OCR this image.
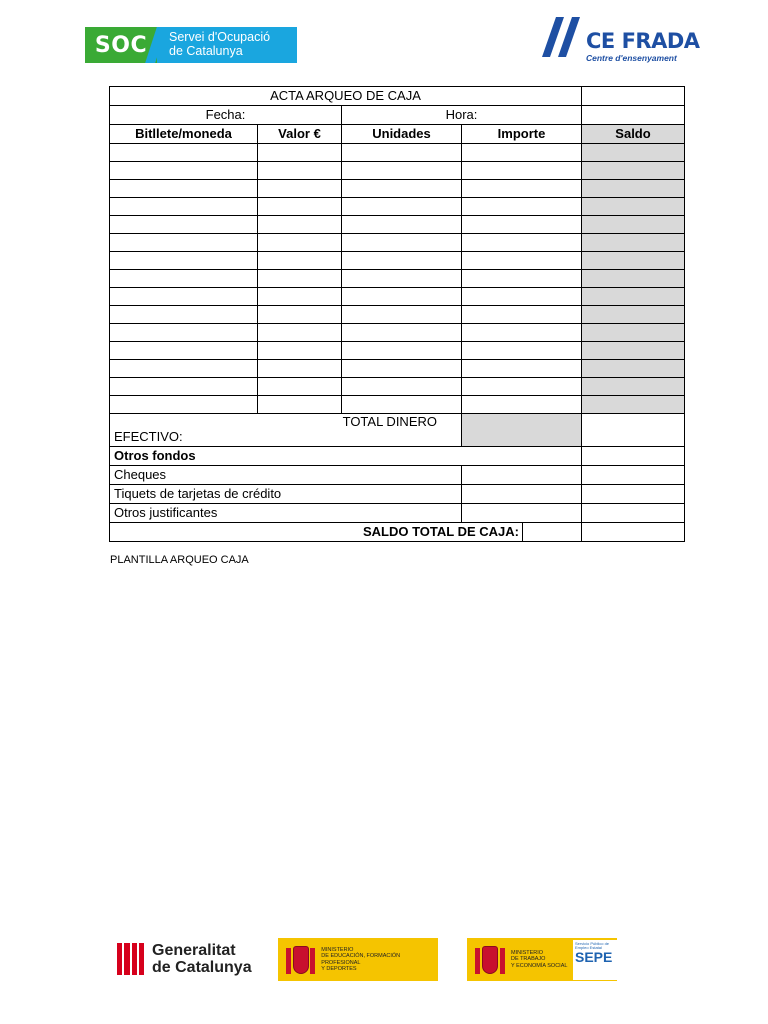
SOC	Servei d'Ocupació
de Catalunya	CE FRADA
Centre d'ensenyament
ACTA ARQUEO DE CAJA				
Fecha:		Hora:		
Bitllete/moneda	Valor €	Unidades	Importe	Saldo

TOTAL DINERO
EFECTIVO:				

Otros fondos				
Cheques				
Tiquets de tarjetas de crédito				
Otros justificantes				
SALDO TOTAL DE CAJA:			

PLANTILLA ARQUEO CAJA
Generalitat
de Catalunya
MINISTERIO
DE EDUCACIÓN, FORMACIÓN PROFESIONAL
Y DEPORTES
MINISTERIO
DE TRABAJO
Y ECONOMÍA SOCIAL
Servicio Público de Empleo Estatal
SEPE
